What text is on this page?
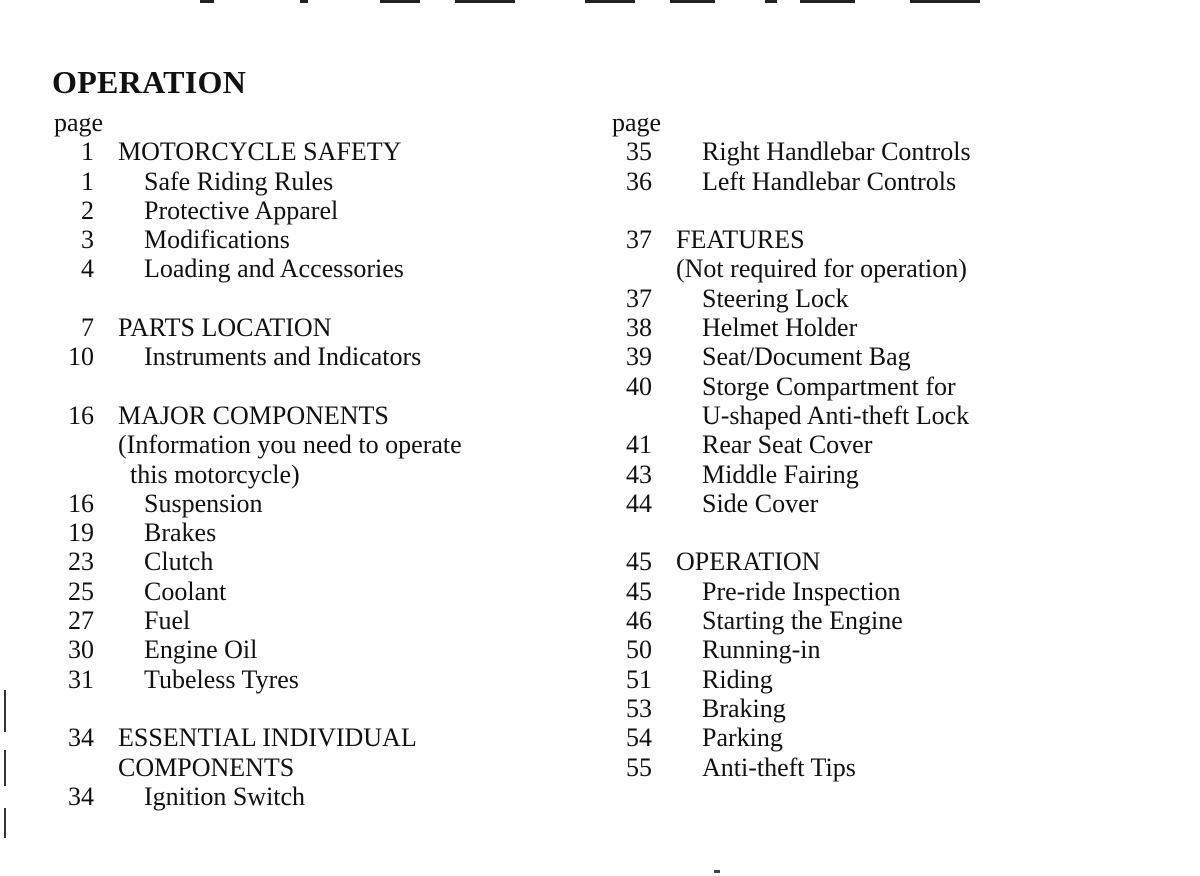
OPERATION
page
1 MOTORCYCLE SAFETY
1 Safe Riding Rules
2 Protective Apparel
3 Modifications
4 Loading and Accessories
7 PARTS LOCATION
10 Instruments and Indicators
16 MAJOR COMPONENTS
(Information you need to operate
this motorcycle)
16 Suspension
19 Brakes
23 Clutch
25 Coolant
27 Fuel
30 Engine Oil
31 Tubeless Tyres
34 ESSENTIAL INDIVIDUAL
COMPONENTS
34 Ignition Switch
page
35 Right Handlebar Controls
36 Left Handlebar Controls
37 FEATURES
(Not required for operation)
37 Steering Lock
38 Helmet Holder
39 Seat/Document Bag
40 Storge Compartment for
U-shaped Anti-theft Lock
41 Rear Seat Cover
43 Middle Fairing
44 Side Cover
45 OPERATION
45 Pre-ride Inspection
46 Starting the Engine
50 Running-in
51 Riding
53 Braking
54 Parking
55 Anti-theft Tips
